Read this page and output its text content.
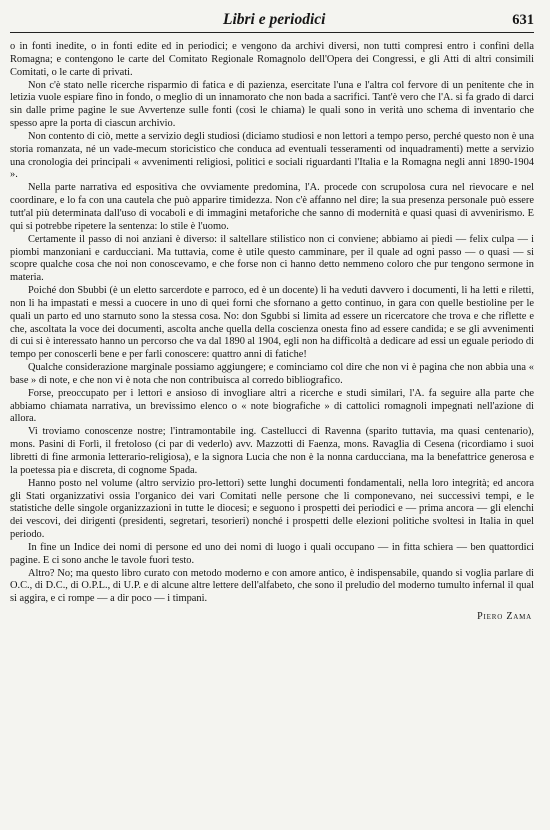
Libri e periodici	631

o in fonti inedite, o in fonti edite ed in periodici; e vengono da archivi diversi, non tutti compresi entro i confini della Romagna; e contengono le carte del Comitato Regionale Romagnolo dell'Opera dei Congressi, e gli Atti di altri consimili Comitati, o le carte di privati.

Non c'è stato nelle ricerche risparmio di fatica e di pazienza, esercitate l'una e l'altra col fervore di un penitente che in letizia vuole espiare fino in fondo, o meglio di un innamorato che non bada a sacrifici. Tant'è vero che l'A. si fa grado di darci sin dalle prime pagine le sue Avvertenze sulle fonti (così le chiama) le quali sono in verità uno schema di inventario che spesso apre la porta di ciascun archivio.

Non contento di ciò, mette a servizio degli studiosi (diciamo studiosi e non lettori a tempo perso, perché questo non è una storia romanzata, né un vade-mecum storicistico che conduca ad eventuali tesseramenti od inquadramenti) mette a servizio una cronologia dei principali « avvenimenti religiosi, politici e sociali riguardanti l'Italia e la Romagna negli anni 1890-1904 ».

Nella parte narrativa ed espositiva che ovviamente predomina, l'A. procede con scrupolosa cura nel rievocare e nel coordinare, e lo fa con una cautela che può apparire timidezza. Non c'è affanno nel dire; la sua presenza personale può essere tutt'al più determinata dall'uso di vocaboli e di immagini metaforiche che sanno di modernità e quasi quasi di avvenirismo. E qui si potrebbe ripetere la sentenza: lo stile è l'uomo.

Certamente il passo di noi anziani è diverso: il saltellare stilistico non ci conviene; abbiamo ai piedi — felix culpa — i piombi manzoniani e carducciani. Ma tuttavia, come è utile questo camminare, per il quale ad ogni passo — o quasi — si scopre qualche cosa che noi non conoscevamo, e che forse non ci hanno detto nemmeno coloro che pur tengono sermone in materia.

Poiché don Sbubbi (è un eletto sarcerdote e parroco, ed è un docente) li ha veduti davvero i documenti, li ha letti e riletti, non li ha impastati e messi a cuocere in uno di quei forni che sfornano a getto continuo, in gara con quelle bestioline per le quali un parto ed uno starnuto sono la stessa cosa. No: don Sgubbi si limita ad essere un ricercatore che trova e che riflette e che, ascoltata la voce dei documenti, ascolta anche quella della coscienza onesta fino ad essere candida; e se gli avvenimenti di cui si è interessato hanno un percorso che va dal 1890 al 1904, egli non ha difficoltà a dedicare ad essi un eguale periodo di tempo per conoscerli bene e per farli conoscere: quattro anni di fatiche!

Qualche considerazione marginale possiamo aggiungere; e cominciamo col dire che non vi è pagina che non abbia una « base » di note, e che non vi è nota che non contribuisca al corredo bibliografico.

Forse, preoccupato per i lettori e ansioso di invogliare altri a ricerche e studi similari, l'A. fa seguire alla parte che abbiamo chiamata narrativa, un brevissimo elenco o « note biografiche » di cattolici romagnoli impegnati nell'azione di allora.

Vi troviamo conoscenze nostre; l'intramontabile ing. Castellucci di Ravenna (sparito tuttavia, ma quasi centenario), mons. Pasini di Forlì, il fretoloso (ci par di vederlo) avv. Mazzotti di Faenza, mons. Ravaglia di Cesena (ricordiamo i suoi libretti di fine armonia letterario-religiosa), e la signora Lucia che non è la nonna carducciana, ma la benefattrice generosa e la poetessa pia e discreta, di cognome Spada.

Hanno posto nel volume (altro servizio pro-lettori) sette lunghi documenti fondamentali, nella loro integrità; ed ancora gli Stati organizzativi ossia l'organico dei vari Comitati nelle persone che li componevano, nei successivi tempi, e le statistiche delle singole organizzazioni in tutte le diocesi; e seguono i prospetti dei periodici e — prima ancora — gli elenchi dei vescovi, dei dirigenti (presidenti, segretari, tesorieri) nonché i prospetti delle elezioni politiche svoltesi in Italia in quel periodo.

In fine un Indice dei nomi di persone ed uno dei nomi di luogo i quali occupano — in fitta schiera — ben quattordici pagine. E ci sono anche le tavole fuori testo.

Altro? No; ma questo libro curato con metodo moderno e con amore antico, è indispensabile, quando si voglia parlare di O.C., di D.C., di O.P.L., di U.P. e di alcune altre lettere dell'alfabeto, che sono il preludio del moderno tumulto infernal il qual si aggira, e ci rompe — a dir poco — i timpani.

Piero Zama
